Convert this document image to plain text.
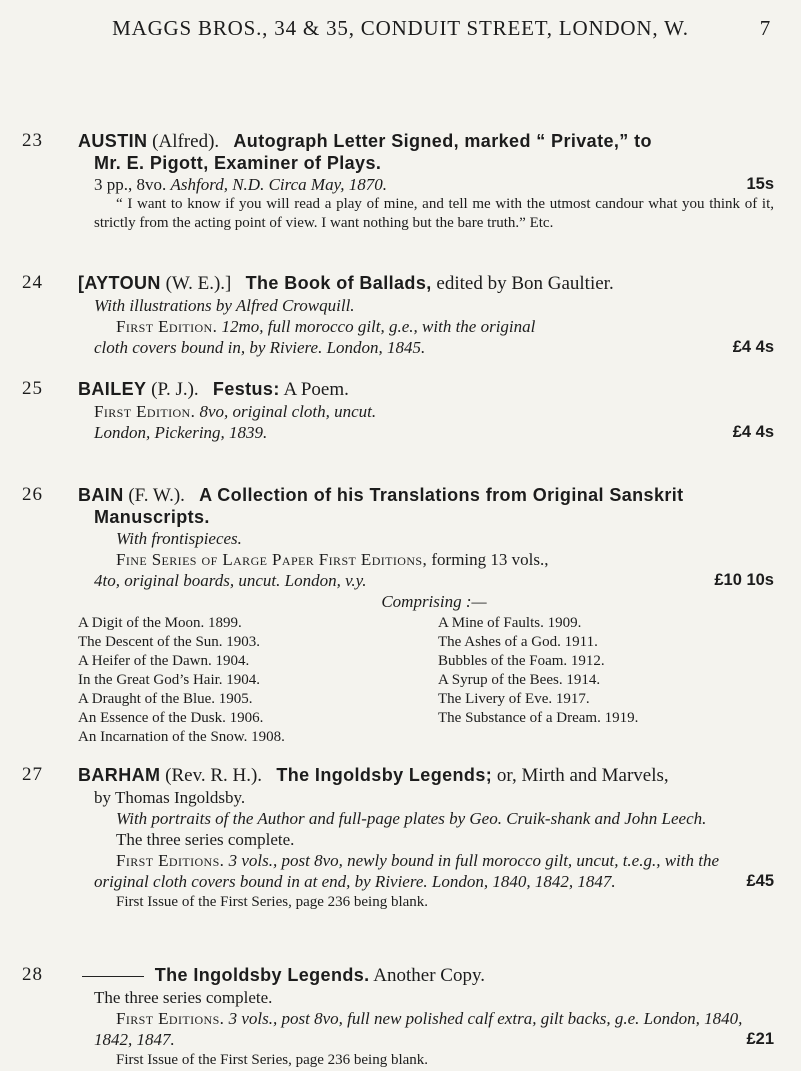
MAGGS BROS., 34 & 35, CONDUIT STREET, LONDON, W.	7
23	AUSTIN (Alfred). Autograph Letter Signed, marked “ Private,” to
Mr. E. Pigott, Examiner of Plays.
3 pp., 8vo. Ashford, N.D. Circa May, 1870.	15s
“ I want to know if you will read a play of mine, and tell me with the utmost candour what you think of it, strictly from the acting point of view. I want nothing but the bare truth.” Etc.
24	[AYTOUN (W. E.).] The Book of Ballads, edited by Bon Gaultier.
With illustrations by Alfred Crowquill.
First Edition. 12mo, full morocco gilt, g.e., with the original
cloth covers bound in, by Riviere. London, 1845.	£4 4s
25	BAILEY (P. J.). Festus: A Poem.
First Edition. 8vo, original cloth, uncut.
London, Pickering, 1839.	£4 4s
26	BAIN (F. W.). A Collection of his Translations from Original Sanskrit
Manuscripts.
With frontispieces.
Fine Series of Large Paper First Editions, forming 13 vols.,
4to, original boards, uncut. London, v.y.	£10 10s
Comprising :—
A Digit of the Moon. 1899.
The Descent of the Sun. 1903.
A Heifer of the Dawn. 1904.
In the Great God’s Hair. 1904.
A Draught of the Blue. 1905.
An Essence of the Dusk. 1906.
An Incarnation of the Snow. 1908.
A Mine of Faults. 1909.
The Ashes of a God. 1911.
Bubbles of the Foam. 1912.
A Syrup of the Bees. 1914.
The Livery of Eve. 1917.
The Substance of a Dream. 1919.
27	BARHAM (Rev. R. H.). The Ingoldsby Legends; or, Mirth and Marvels,
by Thomas Ingoldsby.
With portraits of the Author and full-page plates by Geo. Cruik-shank and John Leech.
The three series complete.
First Editions. 3 vols., post 8vo, newly bound in full morocco gilt, uncut, t.e.g., with the original cloth covers bound in at end, by Riviere. London, 1840, 1842, 1847.	£45
First Issue of the First Series, page 236 being blank.
28	The Ingoldsby Legends. Another Copy.
The three series complete.
First Editions. 3 vols., post 8vo, full new polished calf extra, gilt backs, g.e. London, 1840, 1842, 1847.	£21
First Issue of the First Series, page 236 being blank.
